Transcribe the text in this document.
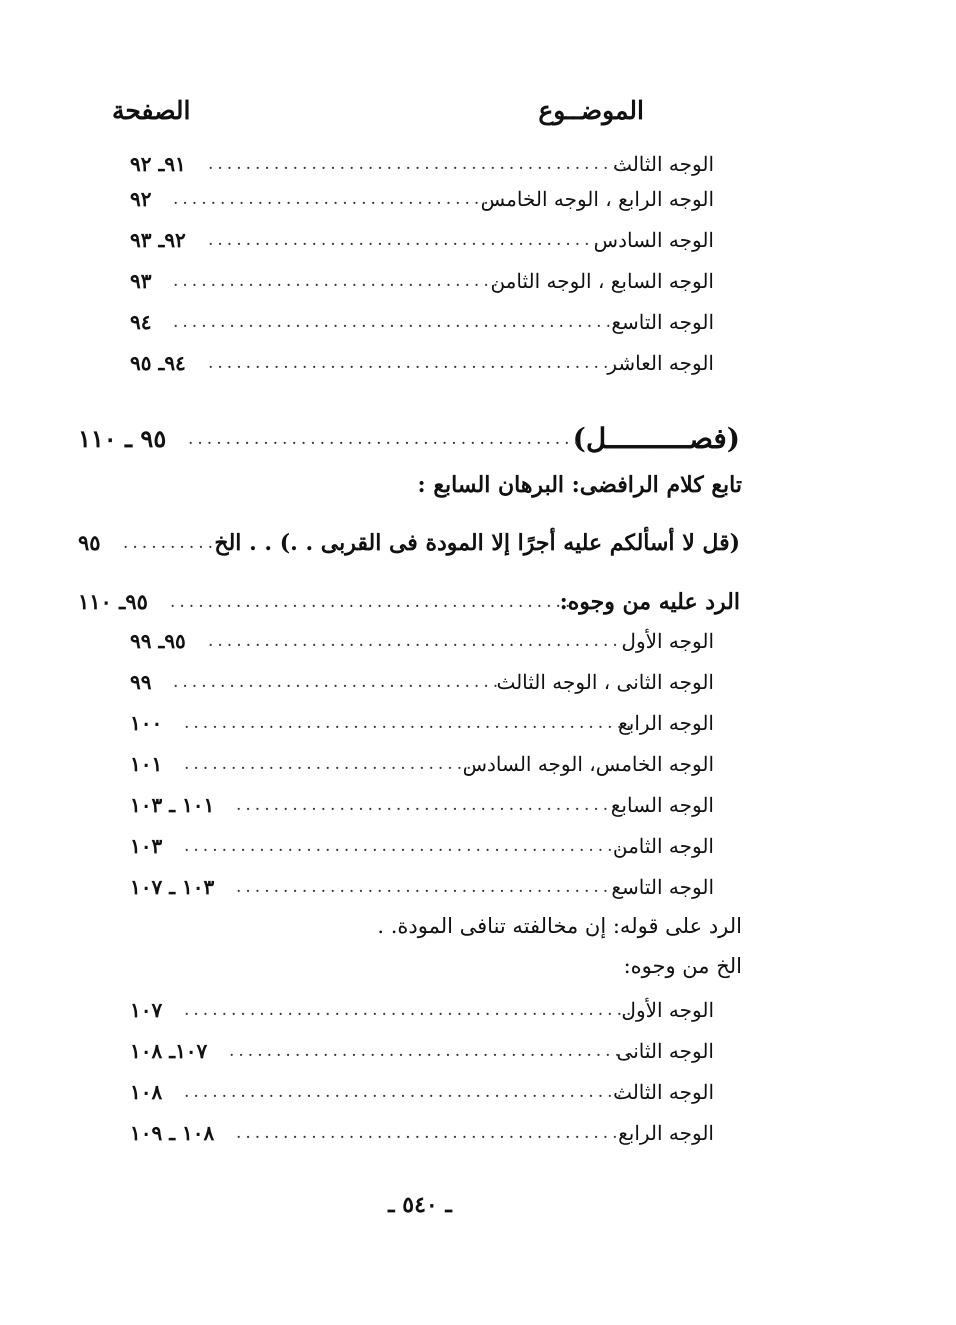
الموضــوع
الصفحة
الوجه الثالث
.............................................
٩١ـ ٩٢
الوجه الرابع ، الوجه الخامس
..................................
٩٢
الوجه السادس
..........................................
٩٢ـ ٩٣
الوجه السابع ، الوجه الثامن
...................................
٩٣
الوجه التاسع
................................................
٩٤
الوجه العاشر
............................................
٩٤ـ ٩٥
(فصــــــــــل)
..........................................
٩٥ ـ ١١٠
تابع كلام الرافضى: البرهان السابع :
(قل لا أسألكم عليه أجرًا إلا المودة فى القربى . .) . . الخ
..........
٩٥
الرد عليه من وجوه:
...........................................
٩٥ـ ١١٠
الوجه الأول
.............................................
٩٥ـ ٩٩
الوجه الثانى ، الوجه الثالث
...................................
٩٩
الوجه الرابع
................................................
١٠٠
الوجه الخامس، الوجه السادس
...............................
١٠١
الوجه السابع
.........................................
١٠١ ـ ١٠٣
الوجه الثامن
...............................................
١٠٣
الوجه التاسع
.........................................
١٠٣ ـ ١٠٧
الرد على قوله: إن مخالفته تنافى المودة. .
الخ من وجوه:
الوجه الأول
................................................
١٠٧
الوجه الثانى
...........................................
١٠٧ـ ١٠٨
الوجه الثالث
...............................................
١٠٨
الوجه الرابع
..........................................
١٠٨ ـ ١٠٩
ـ ٥٤٠ ـ
